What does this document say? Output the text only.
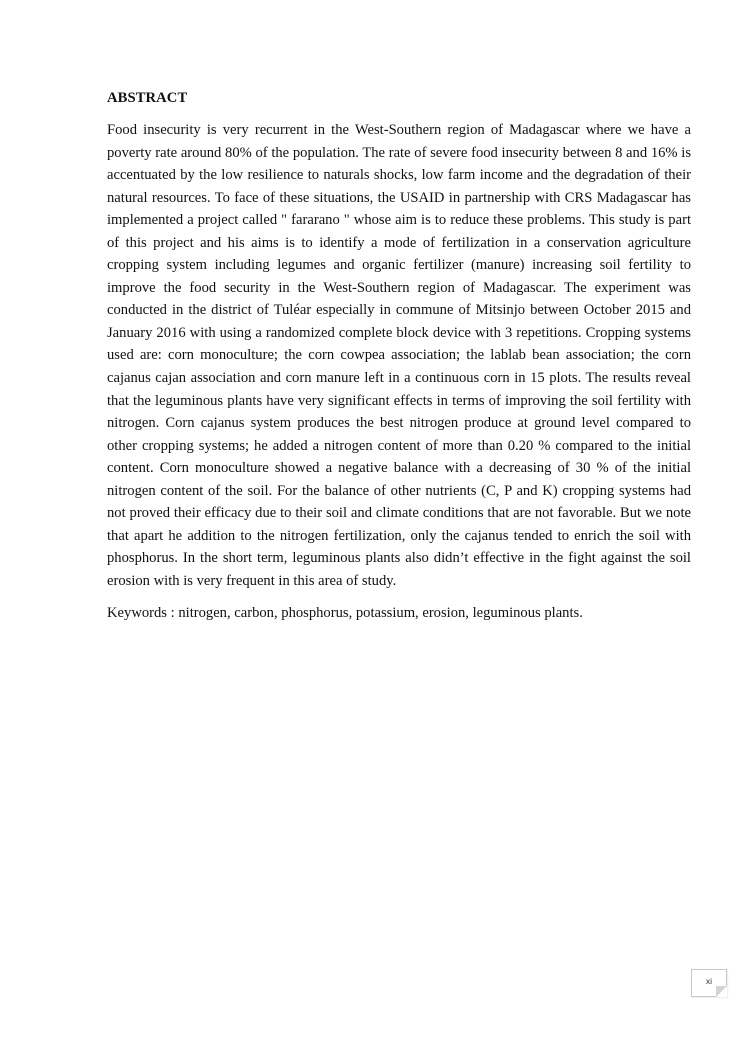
ABSTRACT

Food insecurity is very recurrent in the West-Southern region of Madagascar where we have a poverty rate around 80% of the population. The rate of severe food insecurity between 8 and 16% is accentuated by the low resilience to naturals shocks, low farm income and the degradation of their natural resources. To face of these situations, the USAID in partnership with CRS Madagascar has implemented a project called " fararano " whose aim is to reduce these problems. This study is part of this project and his aims is to identify a mode of fertilization in a conservation agriculture cropping system including legumes and organic fertilizer (manure) increasing soil fertility to improve the food security in the West-Southern region of Madagascar. The experiment was conducted in the district of Tuléar especially in commune of Mitsinjo between October 2015 and January 2016 with using a randomized complete block device with 3 repetitions. Cropping systems used are: corn monoculture; the corn cowpea association; the lablab bean association; the corn cajanus cajan association and corn manure left in a continuous corn in 15 plots. The results reveal that the leguminous plants have very significant effects in terms of improving the soil fertility with nitrogen. Corn cajanus system produces the best nitrogen produce at ground level compared to other cropping systems; he added a nitrogen content of more than 0.20 % compared to the initial content. Corn monoculture showed a negative balance with a decreasing of 30 % of the initial nitrogen content of the soil. For the balance of other nutrients (C, P and K) cropping systems had not proved their efficacy due to their soil and climate conditions that are not favorable. But we note that apart he addition to the nitrogen fertilization, only the cajanus tended to enrich the soil with phosphorus. In the short term, leguminous plants also didn’t effective in the fight against the soil erosion with is very frequent in this area of study.

Keywords : nitrogen, carbon, phosphorus, potassium, erosion, leguminous plants.

xi
